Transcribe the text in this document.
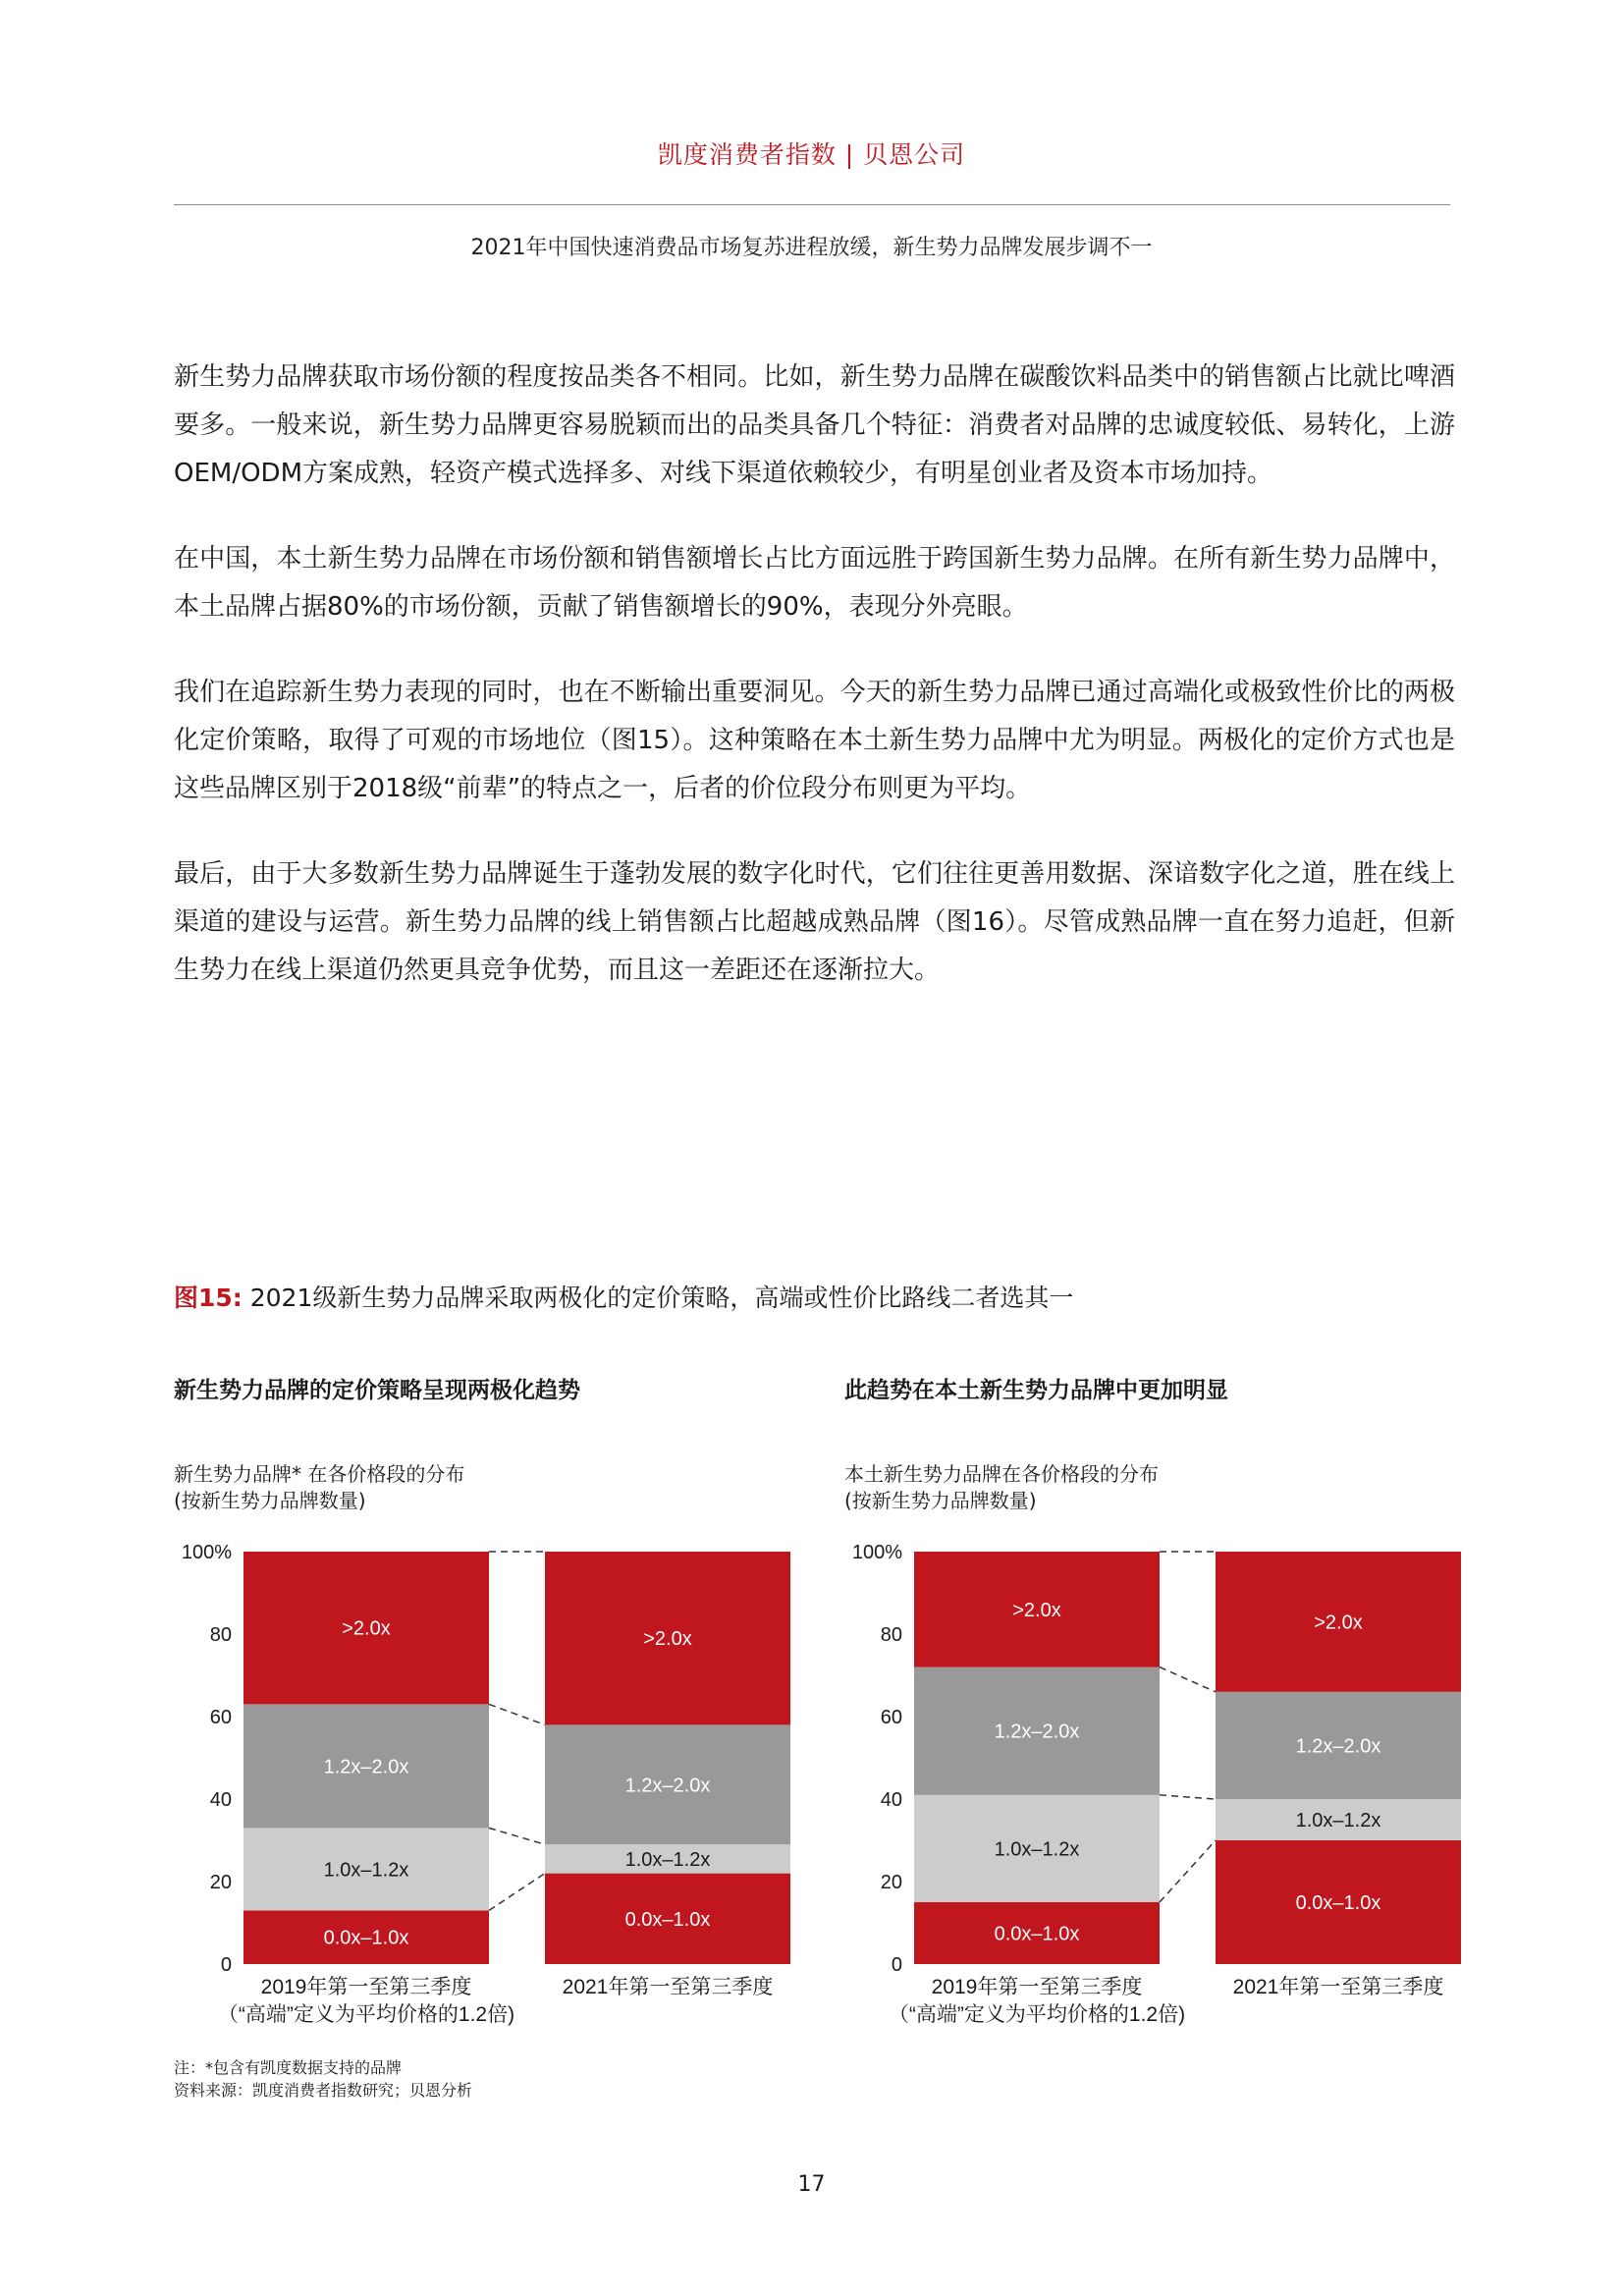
凯度消费者指数 | 贝恩公司
2021年中国快速消费品市场复苏进程放缓，新生势力品牌发展步调不一

新生势力品牌获取市场份额的程度按品类各不相同。比如，新生势力品牌在碳酸饮料品类中的销售额占比就比啤酒要多。一般来说，新生势力品牌更容易脱颖而出的品类具备几个特征：消费者对品牌的忠诚度较低、易转化，上游OEM/ODM方案成熟，轻资产模式选择多、对线下渠道依赖较少，有明星创业者及资本市场加持。

在中国，本土新生势力品牌在市场份额和销售额增长占比方面远胜于跨国新生势力品牌。在所有新生势力品牌中，本土品牌占据80%的市场份额，贡献了销售额增长的90%，表现分外亮眼。

我们在追踪新生势力表现的同时，也在不断输出重要洞见。今天的新生势力品牌已通过高端化或极致性价比的两极化定价策略，取得了可观的市场地位（图15）。这种策略在本土新生势力品牌中尤为明显。两极化的定价方式也是这些品牌区别于2018级“前辈”的特点之一，后者的价位段分布则更为平均。

最后，由于大多数新生势力品牌诞生于蓬勃发展的数字化时代，它们往往更善用数据、深谙数字化之道，胜在线上渠道的建设与运营。新生势力品牌的线上销售额占比超越成熟品牌（图16）。尽管成熟品牌一直在努力追赶，但新生势力在线上渠道仍然更具竞争优势，而且这一差距还在逐渐拉大。

图15: 2021级新生势力品牌采取两极化的定价策略，高端或性价比路线二者选其一
新生势力品牌的定价策略呈现两极化趋势
新生势力品牌* 在各价格段的分布
(按新生势力品牌数量)
0
20
40
60
80
100%
0.0x–1.0x
1.0x–1.2x
1.2x–2.0x
>2.0x
0.0x–1.0x
1.0x–1.2x
1.2x–2.0x
>2.0x
2019年第一至第三季度	2021年第一至第三季度
（“高端”定义为平均价格的1.2倍)
此趋势在本土新生势力品牌中更加明显
本土新生势力品牌在各价格段的分布
(按新生势力品牌数量)
0
20
40
60
80
100%
0.0x–1.0x
1.0x–1.2x
1.2x–2.0x
>2.0x
0.0x–1.0x
1.0x–1.2x
1.2x–2.0x
>2.0x
2019年第一至第三季度	2021年第一至第三季度
（“高端”定义为平均价格的1.2倍)
注：*包含有凯度数据支持的品牌
资料来源：凯度消费者指数研究；贝恩分析
17
